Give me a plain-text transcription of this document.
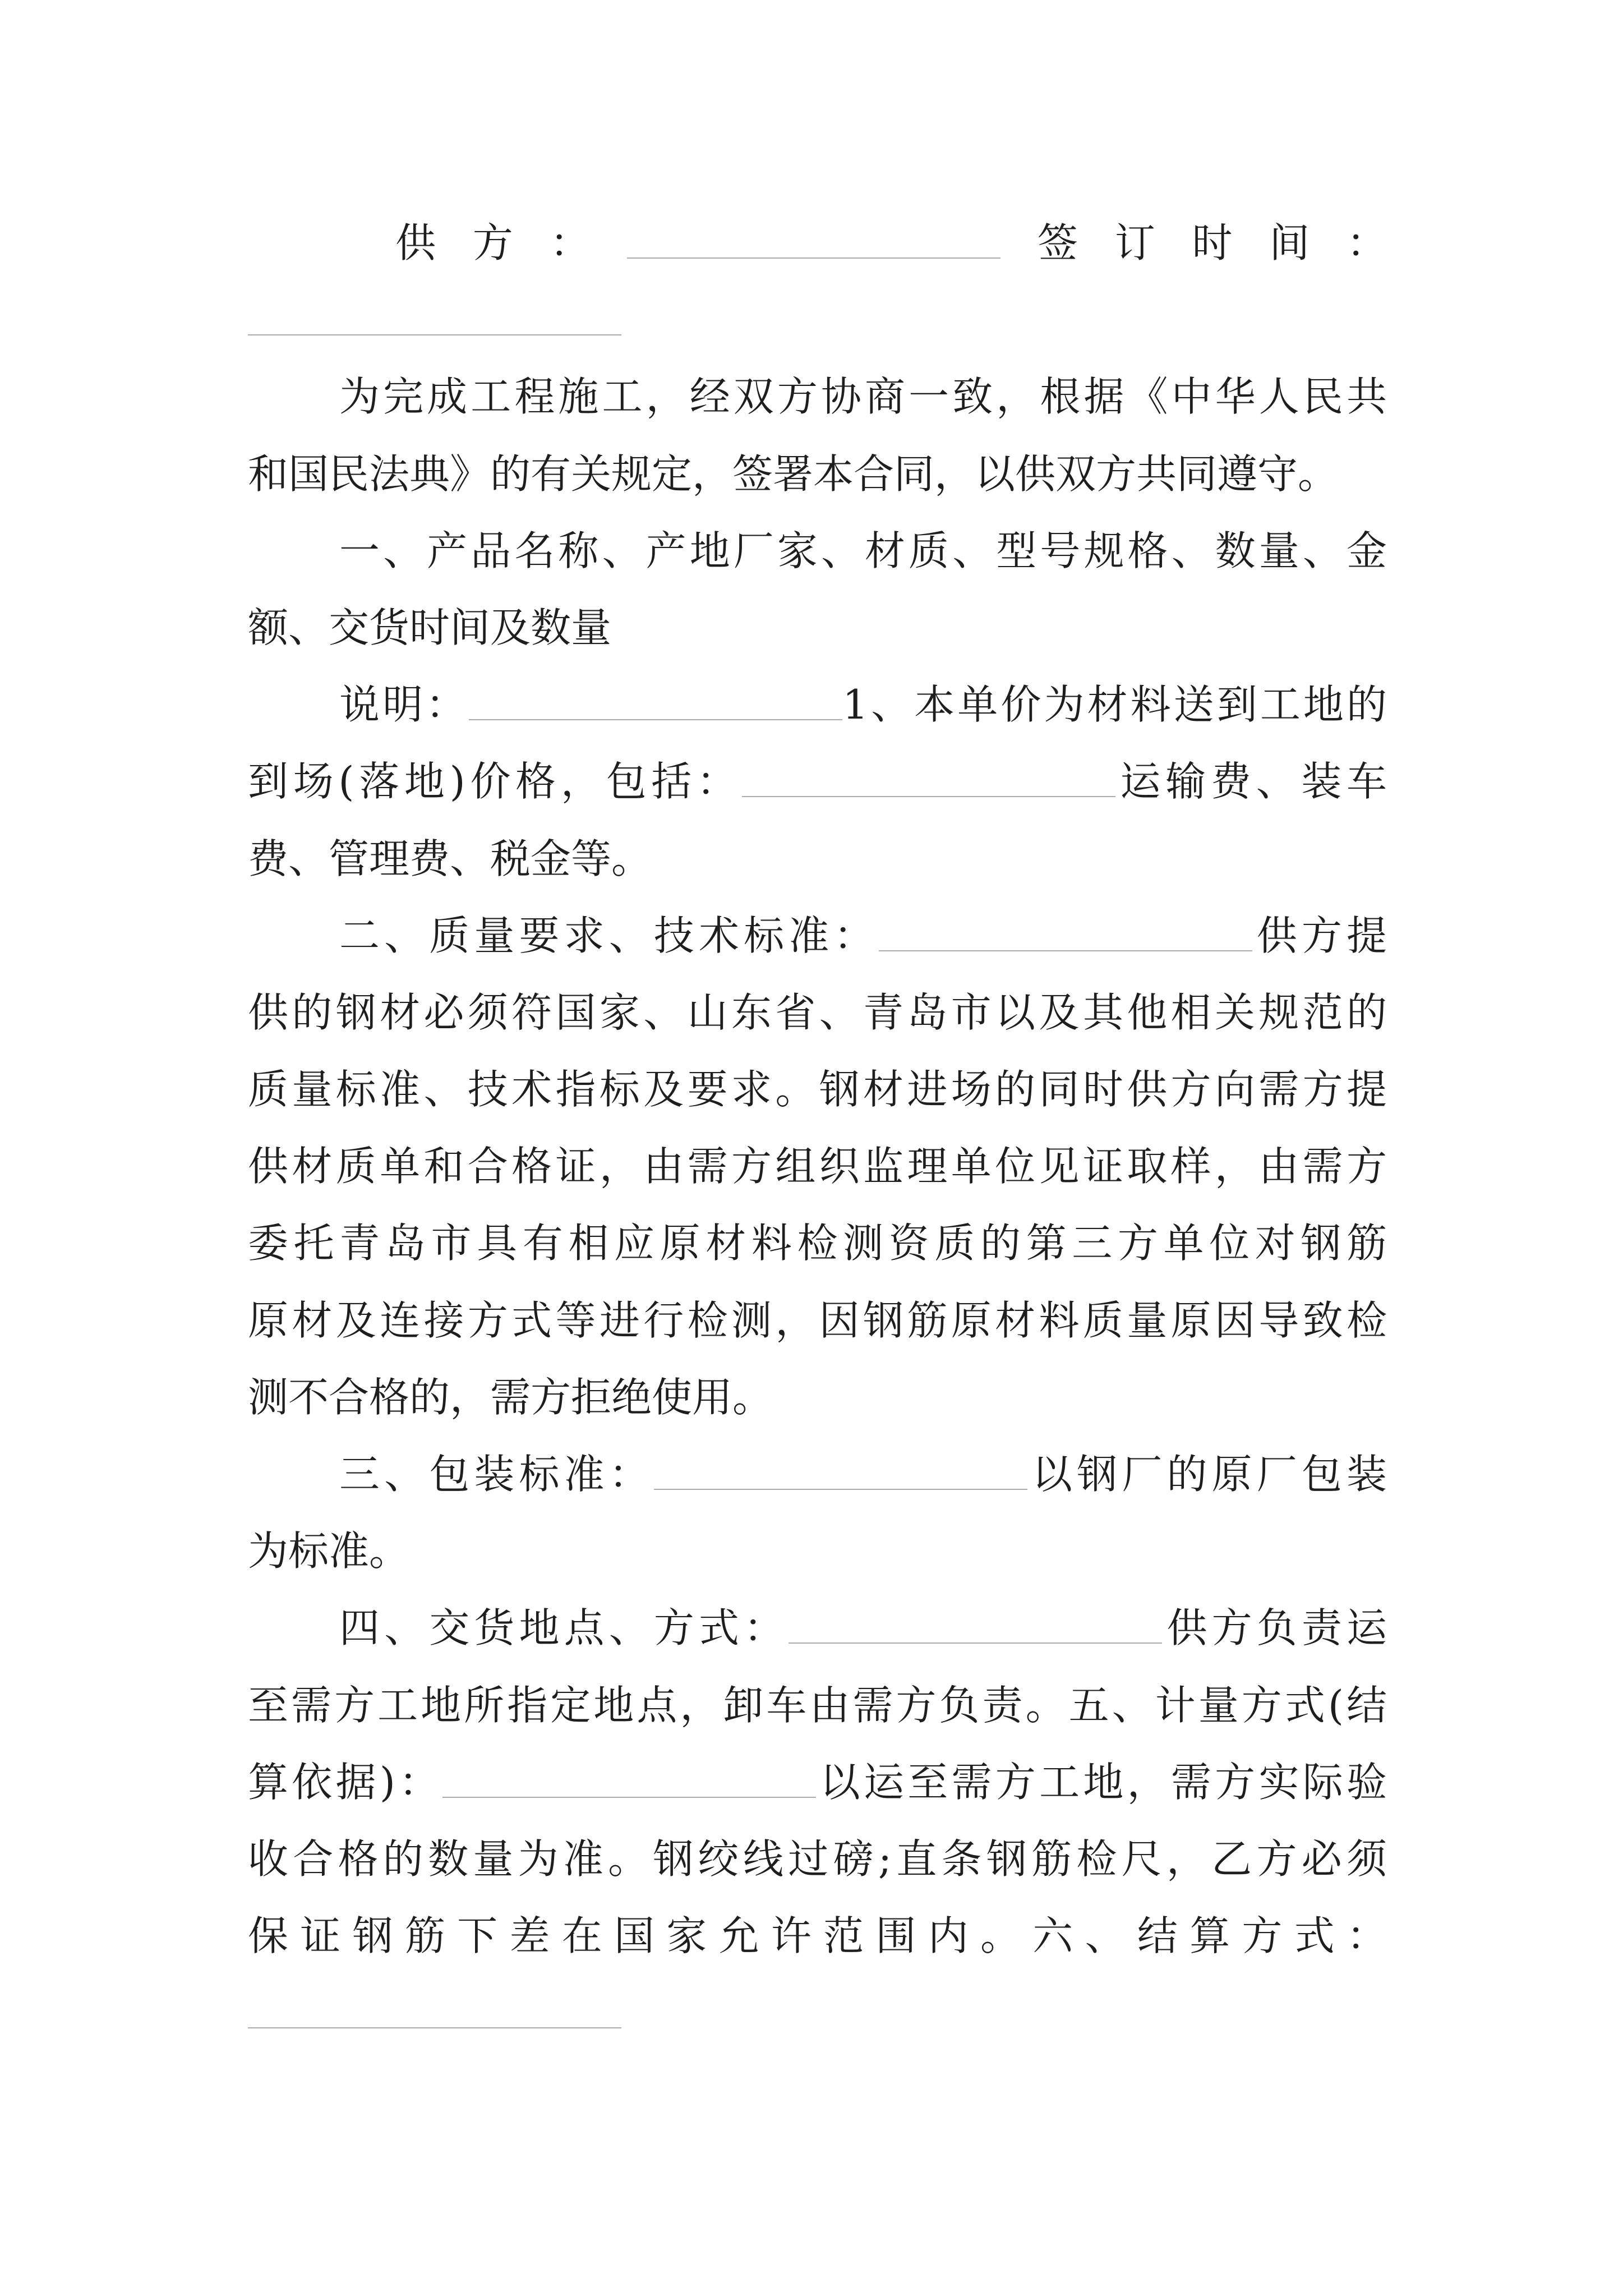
供方：	签订时间：
为完成工程施工，经双方协商一致，根据《中华人民共
和国民法典》的有关规定，签署本合同，以供双方共同遵守。
一、产品名称、产地厂家、材质、型号规格、数量、金
额、交货时间及数量
说明：	1、本单价为材料送到工地的
到场(落地)价格，包括：	运输费、装车
费、管理费、税金等。
二、质量要求、技术标准：	供方提
供的钢材必须符国家、山东省、青岛市以及其他相关规范的
质量标准、技术指标及要求。钢材进场的同时供方向需方提
供材质单和合格证，由需方组织监理单位见证取样，由需方
委托青岛市具有相应原材料检测资质的第三方单位对钢筋
原材及连接方式等进行检测，因钢筋原材料质量原因导致检
测不合格的，需方拒绝使用。
三、包装标准：	以钢厂的原厂包装
为标准。
四、交货地点、方式：	供方负责运
至需方工地所指定地点，卸车由需方负责。五、计量方式(结
算依据)：	以运至需方工地，需方实际验
收合格的数量为准。钢绞线过磅;直条钢筋检尺，乙方必须
保证钢筋下差在国家允许范围内。六、结算方式：
